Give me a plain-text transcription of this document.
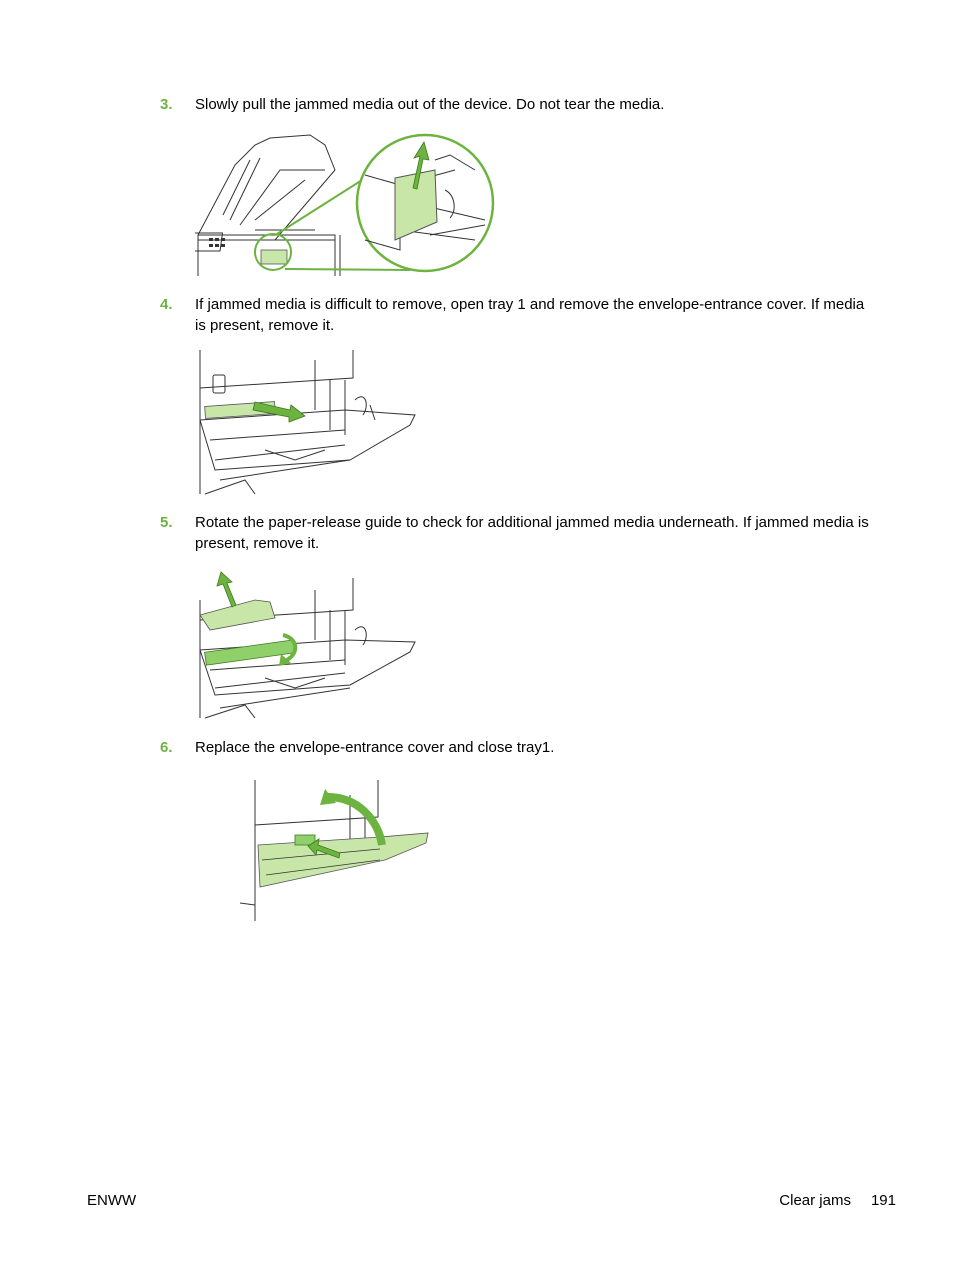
3. Slowly pull the jammed media out of the device. Do not tear the media.
4. If jammed media is difficult to remove, open tray 1 and remove the envelope-entrance cover. If media is present, remove it.
5. Rotate the paper-release guide to check for additional jammed media underneath. If jammed media is present, remove it.
6. Replace the envelope-entrance cover and close tray1.
ENWW	Clear jams 191
